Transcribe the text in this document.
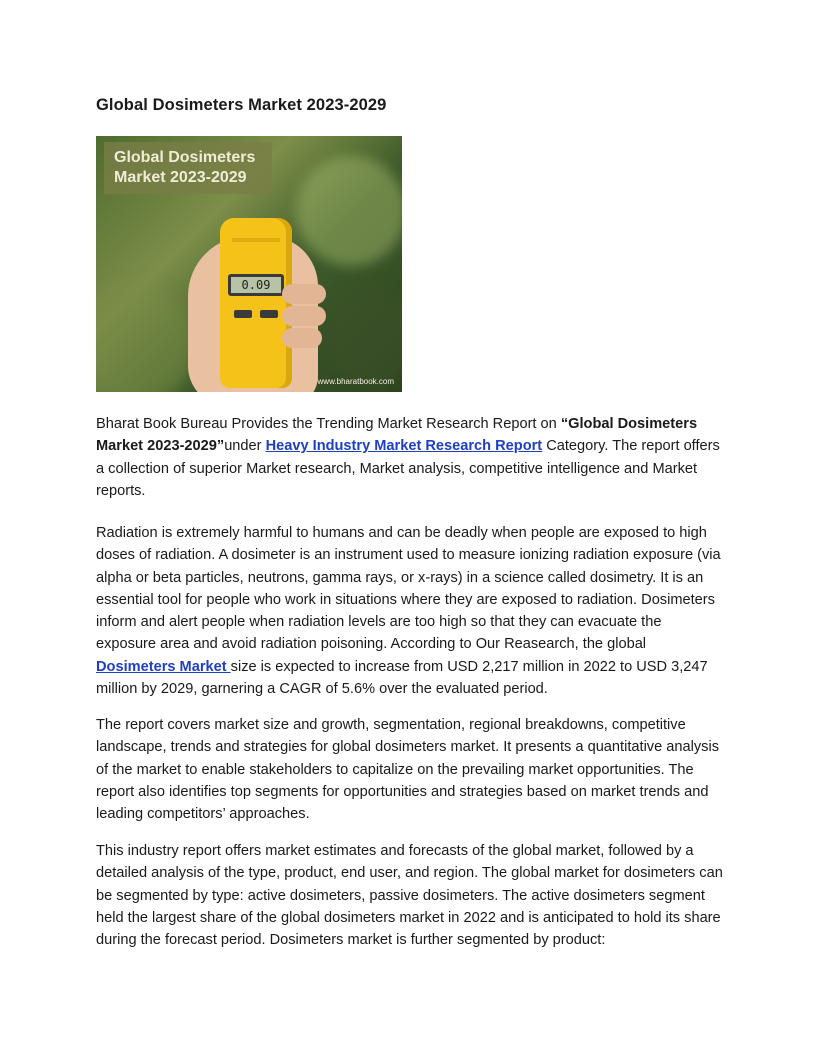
Global Dosimeters Market 2023-2029
0.09
Global Dosimeters
Market 2023-2029
www.bharatbook.com

Bharat Book Bureau Provides the Trending Market Research Report on “Global Dosimeters Market 2023-2029”under Heavy Industry Market Research Report Category. The report offers a collection of superior Market research, Market analysis, competitive intelligence and Market reports.

Radiation is extremely harmful to humans and can be deadly when people are exposed to high doses of radiation. A dosimeter is an instrument used to measure ionizing radiation exposure (via alpha or beta particles, neutrons, gamma rays, or x-rays) in a science called dosimetry. It is an essential tool for people who work in situations where they are exposed to radiation. Dosimeters inform and alert people when radiation levels are too high so that they can evacuate the exposure area and avoid radiation poisoning. According to Our Reasearch, the global Dosimeters Market size is expected to increase from USD 2,217 million in 2022 to USD 3,247 million by 2029, garnering a CAGR of 5.6% over the evaluated period.

The report covers market size and growth, segmentation, regional breakdowns, competitive landscape, trends and strategies for global dosimeters market. It presents a quantitative analysis of the market to enable stakeholders to capitalize on the prevailing market opportunities. The report also identifies top segments for opportunities and strategies based on market trends and leading competitors’ approaches.

This industry report offers market estimates and forecasts of the global market, followed by a detailed analysis of the type, product, end user, and region. The global market for dosimeters can be segmented by type: active dosimeters, passive dosimeters. The active dosimeters segment held the largest share of the global dosimeters market in 2022 and is anticipated to hold its share during the forecast period. Dosimeters market is further segmented by product:
